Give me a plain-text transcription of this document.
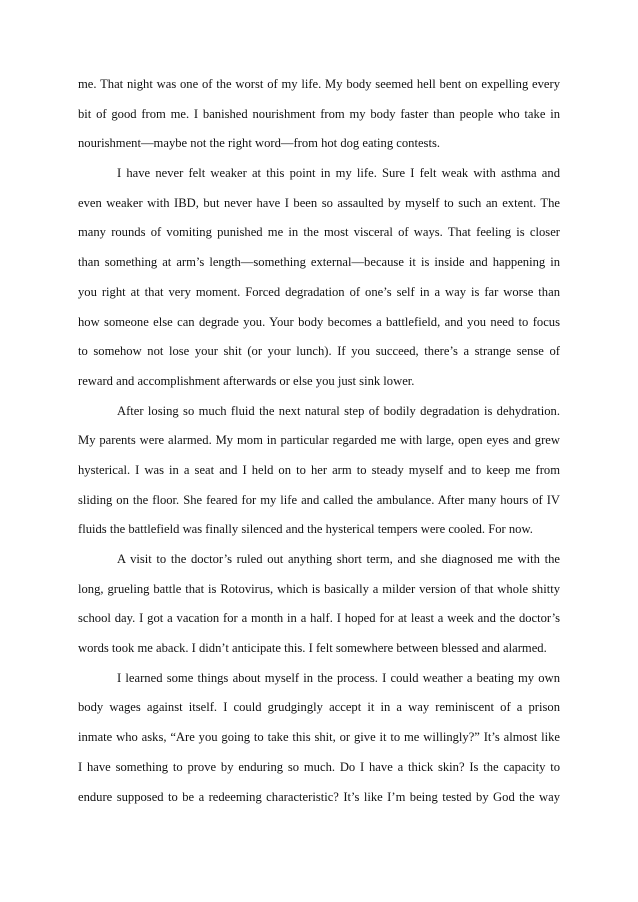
me. That night was one of the worst of my life. My body seemed hell bent on expelling every
bit of good from me. I banished nourishment from my body faster than people who take in
nourishment—maybe not the right word—from hot dog eating contests.
I have never felt weaker at this point in my life. Sure I felt weak with asthma and
even weaker with IBD, but never have I been so assaulted by myself to such an extent. The
many rounds of vomiting punished me in the most visceral of ways. That feeling is closer
than something at arm’s length—something external—because it is inside and happening in
you right at that very moment. Forced degradation of one’s self in a way is far worse than
how someone else can degrade you. Your body becomes a battlefield, and you need to focus
to somehow not lose your shit (or your lunch). If you succeed, there’s a strange sense of
reward and accomplishment afterwards or else you just sink lower.
After losing so much fluid the next natural step of bodily degradation is dehydration.
My parents were alarmed. My mom in particular regarded me with large, open eyes and grew
hysterical. I was in a seat and I held on to her arm to steady myself and to keep me from
sliding on the floor. She feared for my life and called the ambulance. After many hours of IV
fluids the battlefield was finally silenced and the hysterical tempers were cooled. For now.
A visit to the doctor’s ruled out anything short term, and she diagnosed me with the
long, grueling battle that is Rotovirus, which is basically a milder version of that whole shitty
school day. I got a vacation for a month in a half. I hoped for at least a week and the doctor’s
words took me aback. I didn’t anticipate this. I felt somewhere between blessed and alarmed.
I learned some things about myself in the process. I could weather a beating my own
body wages against itself. I could grudgingly accept it in a way reminiscent of a prison
inmate who asks, “Are you going to take this shit, or give it to me willingly?” It’s almost like
I have something to prove by enduring so much. Do I have a thick skin? Is the capacity to
endure supposed to be a redeeming characteristic? It’s like I’m being tested by God the way
